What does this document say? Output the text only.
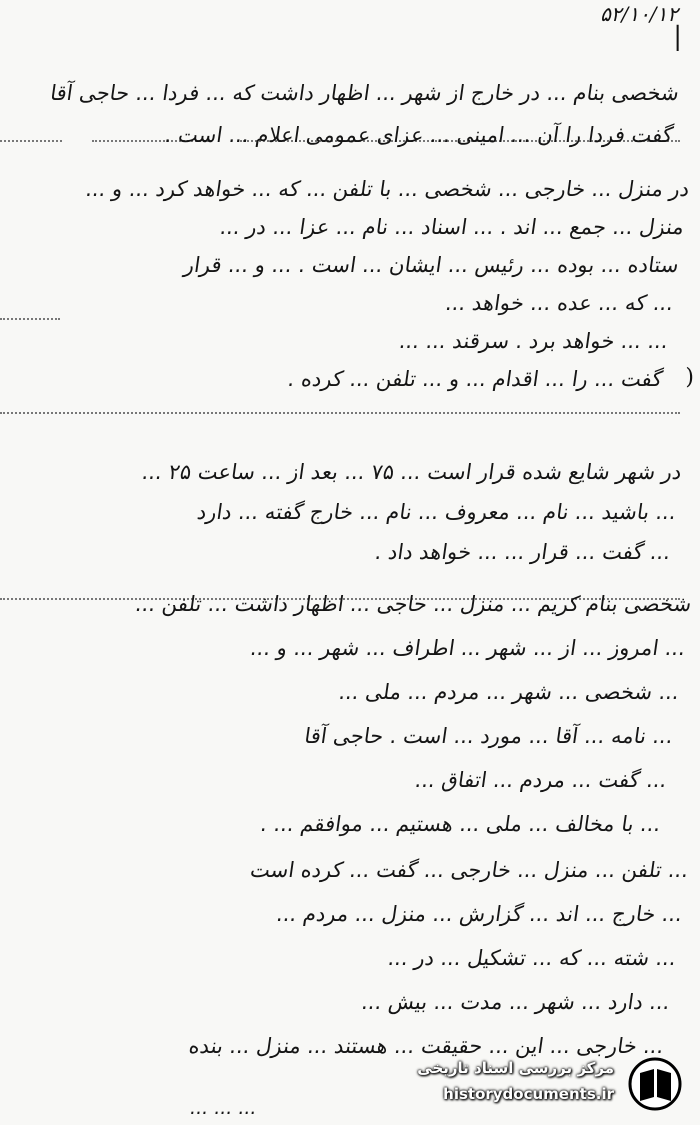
۵۲/۱۰/۱۲
|
شخصی بنام ... در خارج از شهر ... اظهار داشت که ... فردا ... حاجی آقا
گفت فردا را آن ... امینی ... عزای عمومی اعلام ... است .
در منزل ... خارجی ... شخصی ... با تلفن ... که ... خواهد کرد ... و ...
منزل ... جمع ... اند . ... اسناد ... نام ... عزا ... در ...
ستاده ... بوده ... رئیس ... ایشان ... است . ... و ... قرار
... که ... عده ... خواهد ...
... ... خواهد برد . سرقند ... ...
گفت ... را ... اقدام ... و ... تلفن ... کرده .
در شهر شایع شده قرار است ... ۷۵ ... بعد از ... ساعت ۲۵ ...
... باشید ... نام ... معروف ... نام ... خارج گفته ... دارد
... گفت ... قرار ... ... خواهد داد .
شخصی بنام کریم ... منزل ... حاجی ... اظهار داشت ... تلفن ...
... امروز ... از ... شهر ... اطراف ... شهر ... و ...
... شخصی ... شهر ... مردم ... ملی ...
... نامه ... آقا ... مورد ... است . حاجی آقا
... گفت ... مردم ... اتفاق ...
... با مخالف ... ملی ... هستیم ... موافقم ... .
... تلفن ... منزل ... خارجی ... گفت ... کرده است
... خارج ... اند ... گزارش ... منزل ... مردم ...
... شته ... که ... تشکیل ... در ...
... دارد ... شهر ... مدت ... بیش ...
... خارجی ... این ... حقیقت ... هستند ... منزل ... بنده
)
... ... ...
مرکز بررسی اسناد تاریخی
historydocuments.ir
